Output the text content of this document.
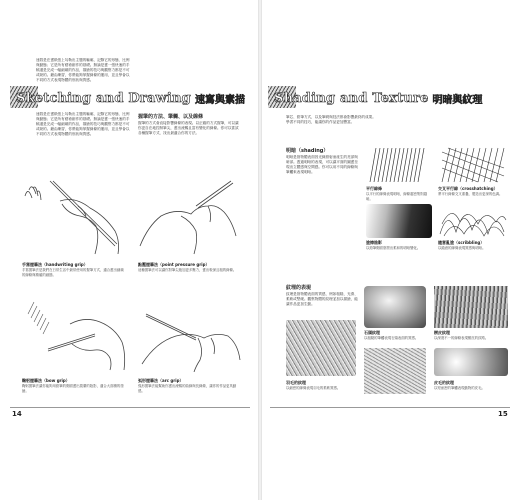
速寫是在畫紙張上勾勒出主題的輪廓，記錄它的形態、比例與動態；它是所有藝術創作的基礎。無論是畫一張快速的手稿還是完成一幅細緻的作品，描繪的技巧與觀察力都是不可或缺的。藉由練習，你將能夠掌握線條的運用，並且學會以不同的方式表現物體的形狀與質感。
Sketching and Drawing 速寫與素描
速寫是在畫紙張上勾勒出主題的輪廓，記錄它的形態、比例與動態；它是所有藝術創作的基礎。無論是畫一張快速的手稿還是完成一幅細緻的作品，描繪的技巧與觀察力都是不可或缺的。藉由練習，你將能夠掌握線條的運用，並且學會以不同的方式表現物體的形狀與質感。
握筆的方法、筆觸、以及線條
握筆的方式會直接影響線條的表現。以正確的方式握筆，可以讓你更自在地控制筆尖，畫出流暢且富有變化的線條。你可以嘗試各種握筆方式，找出最適合你的方法。
手寫握筆法（handwriting grip）
手寫握筆法是我們在日常生活中最常使用的握筆方式，適合畫出細緻的線條與精確的細節。
點壓握筆法（point pressure grip）
這種握筆法可以讓你對筆尖施加更多壓力，畫出較深且粗的線條。
鞠躬握筆法（bow grip）
鞠躬握筆法讓你能夠用鉛筆的側面畫出寬廣的陰影，適合大面積的塗繪。
弧形握筆法（arc grip）
弧形握筆法能幫助你畫出流暢的曲線與長線條，讓你的作品更具動感。
14
Shading and Texture 明暗與紋理
筆芯、鉛筆方式，以及筆刷與技法都會影響最終的成果。學習不同的技巧，能讓你的作品更加豐富。
明暗（shading）
明暗是指物體表面因光線照射而產生的亮部與暗部。透過明暗的表現，可以讓平面的圖畫呈現出立體感與空間感。你可以用不同的線條與筆觸來表現明暗。
平行線條
以平行的線條表現明暗，線條越密集則越暗。
交叉平行線（crosshatching）
將平行線條交叉重疊，製造出更深的色調。
塗擦陰影
以鉛筆側面塗擦出柔和的明暗變化。
隨意亂塗（scribbling）
以隨意的線條表現質感與明暗。
紋理的表現
紋理是指物體表面的質感，例如粗糙、光滑、柔軟或堅硬。觀察物體的紋理並加以描繪，能讓作品更加生動。
石頭紋理
以粗糙的筆觸表現石頭表面的質感。
樹皮紋理
以深淺不一的線條表現樹皮的紋路。
羽毛的紋理
以細密的線條表現羽毛的柔軟質感。
皮毛的紋理
以短而密的筆觸表現動物的皮毛。
15
